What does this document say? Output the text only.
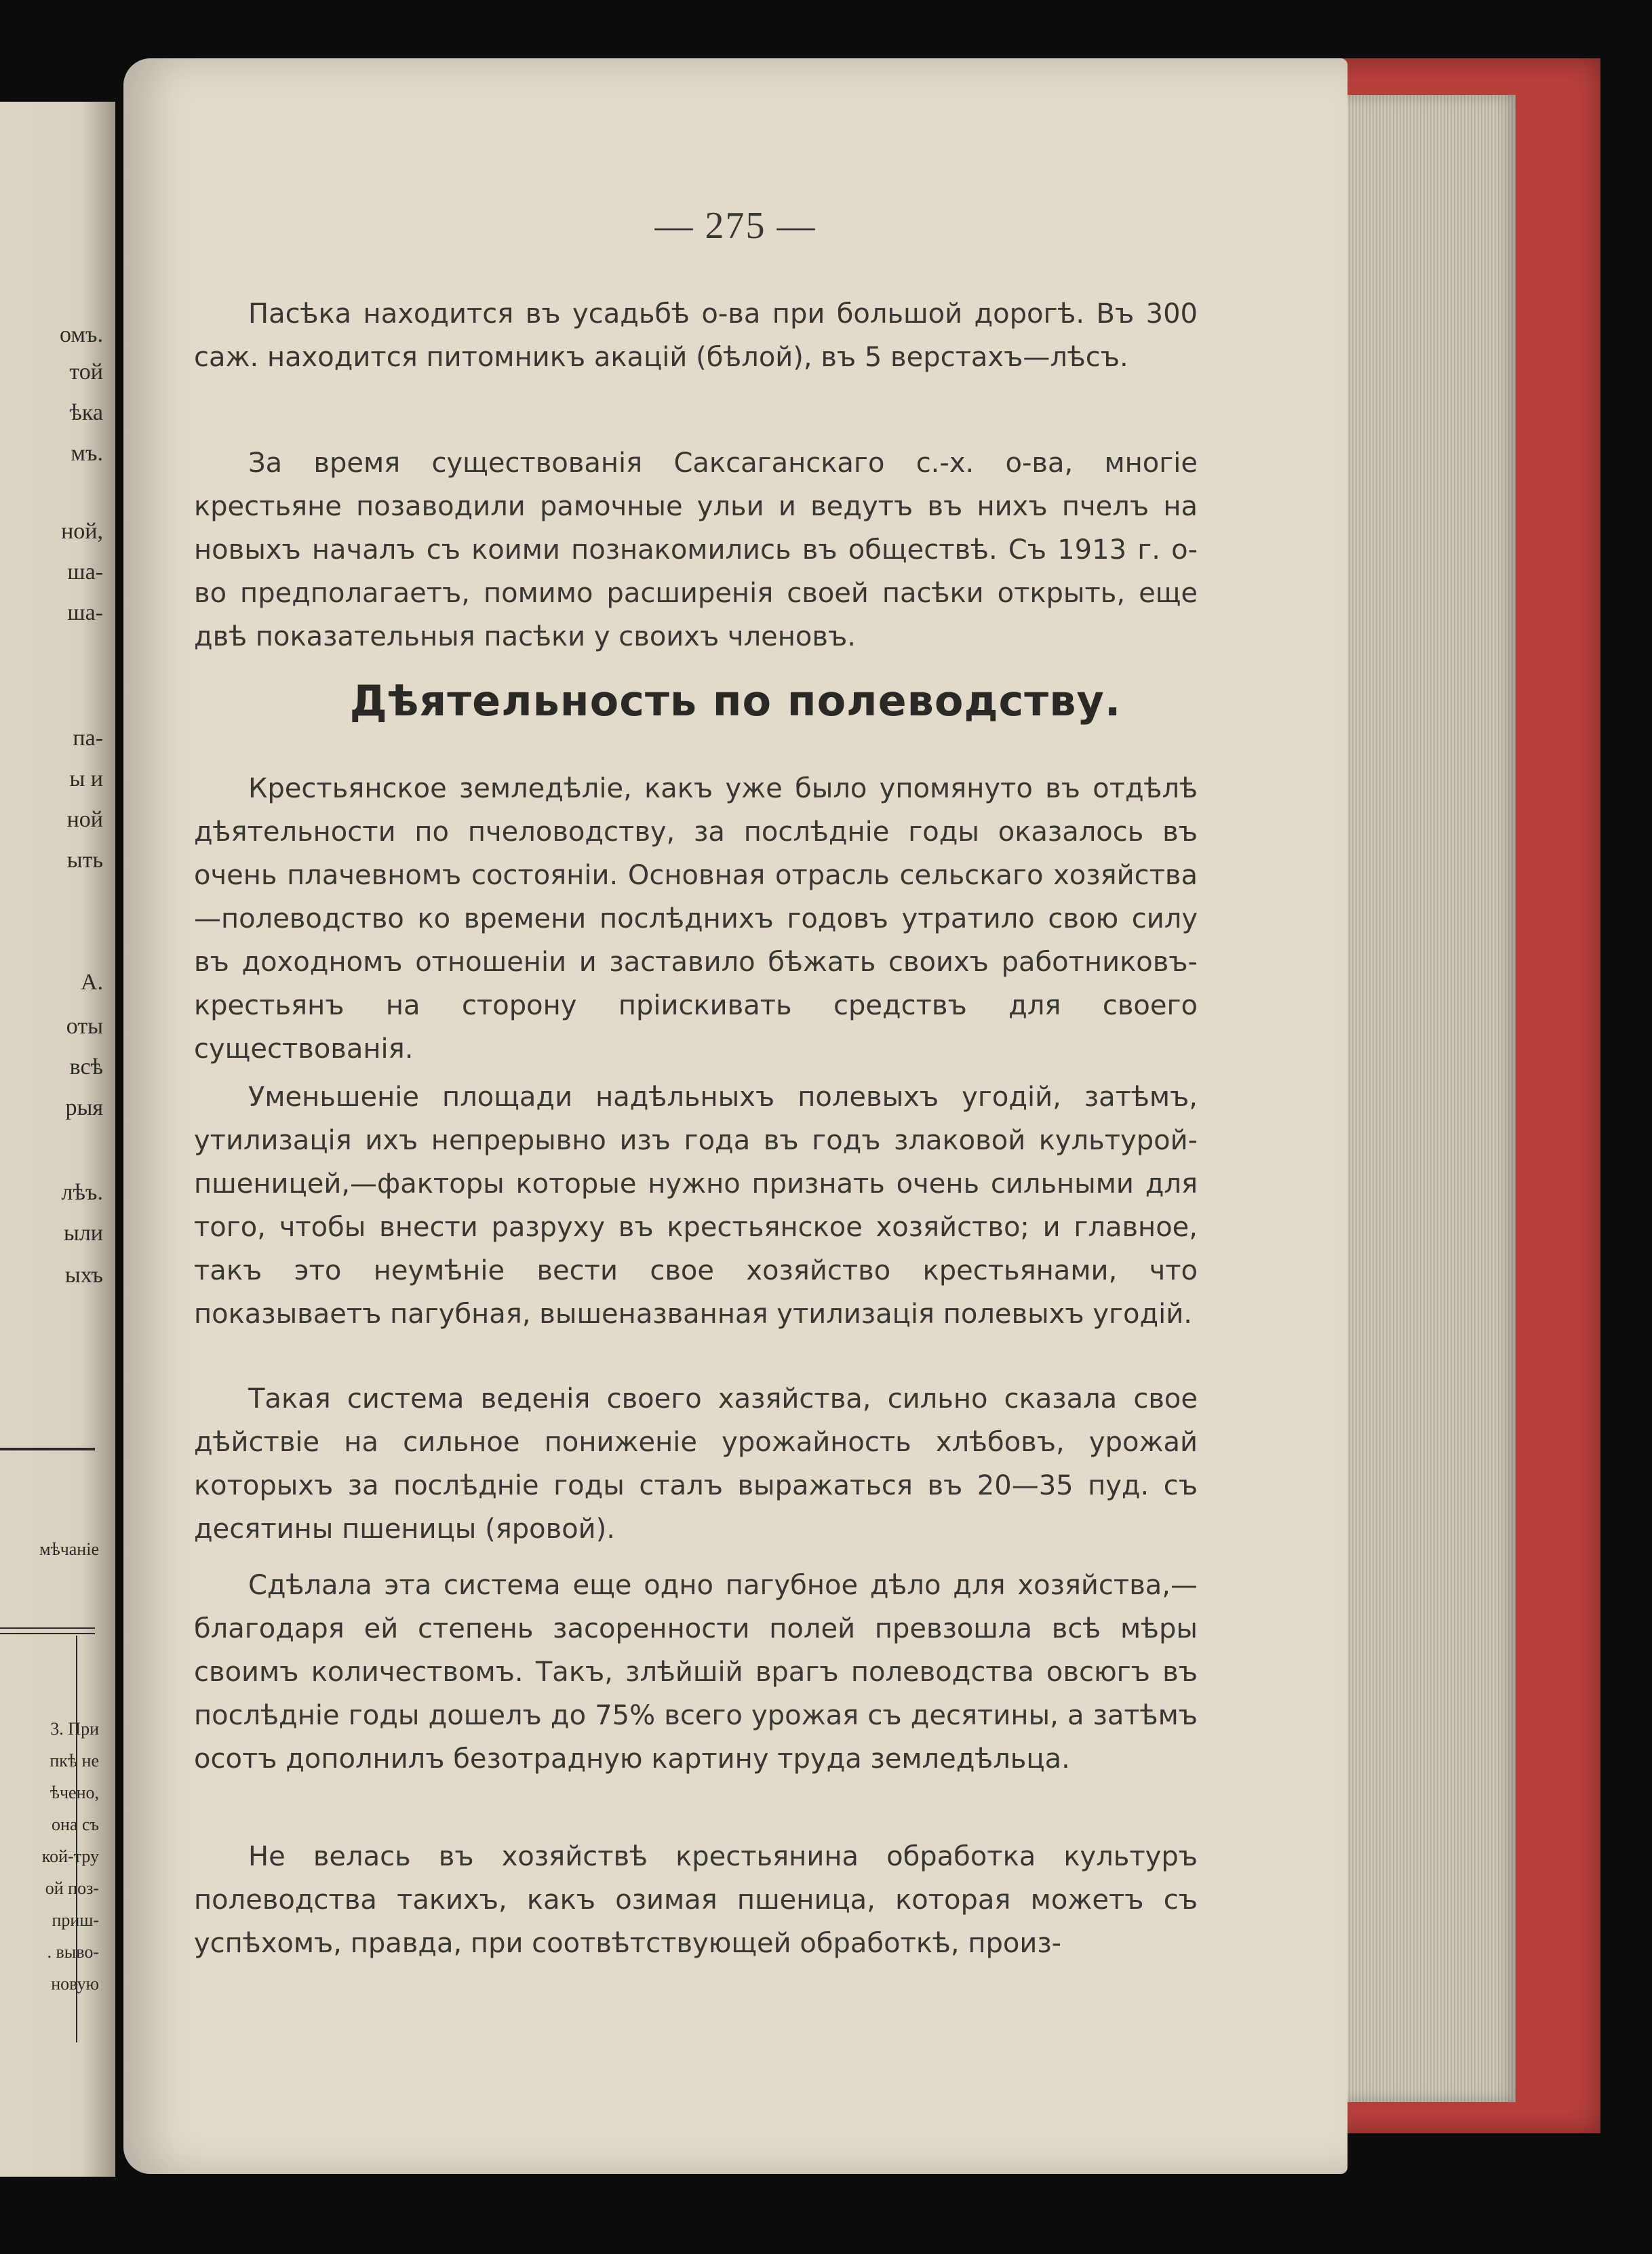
омъ.
той
ѣка
мъ.
ной,
ша-
ша-
па-
ы и
ной
ыть
А.
оты
всѣ
рыя
лѣъ.
ыли
ыхъ
мѣчаніе
3. При
пкѣ не
ѣчено,
она съ
кой-тру
ой поз-
приш-
. выво-
новую
— 275 —

Пасѣка находится въ усадьбѣ о-ва при большой дорогѣ. Въ 300 саж. находится питомникъ акацій (бѣлой), въ 5 верстахъ—лѣсъ.

За время существованія Саксаганскаго с.-х. о-ва, многіе крестьяне позаводили рамочные ульи и ведутъ въ нихъ пчелъ на новыхъ началъ съ коими познакомились въ обществѣ. Съ 1913 г. о-во предполагаетъ, помимо расширенія своей пасѣки открыть, еще двѣ показательныя пасѣки у своихъ членовъ.

Дѣятельность по полеводству.

Крестьянское земледѣліе, какъ уже было упомянуто въ отдѣлѣ дѣятельности по пчеловодству, за послѣдніе годы оказалось въ очень плачевномъ состояніи. Основная отрасль сельскаго хозяйства—полеводство ко времени послѣднихъ годовъ утратило свою силу въ доходномъ отношеніи и заставило бѣжать своихъ работниковъ-крестьянъ на сторону пріискивать средствъ для своего существованія.

Уменьшеніе площади надѣльныхъ полевыхъ угодій, затѣмъ, утилизація ихъ непрерывно изъ года въ годъ злаковой культурой-пшеницей,—факторы которые нужно признать очень сильными для того, чтобы внести разруху въ крестьянское хозяйство; и главное, такъ это неумѣніе вести свое хозяйство крестьянами, что показываетъ пагубная, вышеназванная утилизація полевыхъ угодій.

Такая система веденія своего хазяйства, сильно сказала свое дѣйствіе на сильное пониженіе урожайность хлѣбовъ, урожай которыхъ за послѣдніе годы сталъ выражаться въ 20—35 пуд. съ десятины пшеницы (яровой).

Сдѣлала эта система еще одно пагубное дѣло для хозяйства,—благодаря ей степень засоренности полей превзошла всѣ мѣры своимъ количествомъ. Такъ, злѣйшій врагъ полеводства овсюгъ въ послѣдніе годы дошелъ до 75% всего урожая съ десятины, а затѣмъ осотъ дополнилъ безотрадную картину труда земледѣльца.

Не велась въ хозяйствѣ крестьянина обработка культуръ полеводства такихъ, какъ озимая пшеница, которая можетъ съ успѣхомъ, правда, при соотвѣтствующей обработкѣ, произ-
